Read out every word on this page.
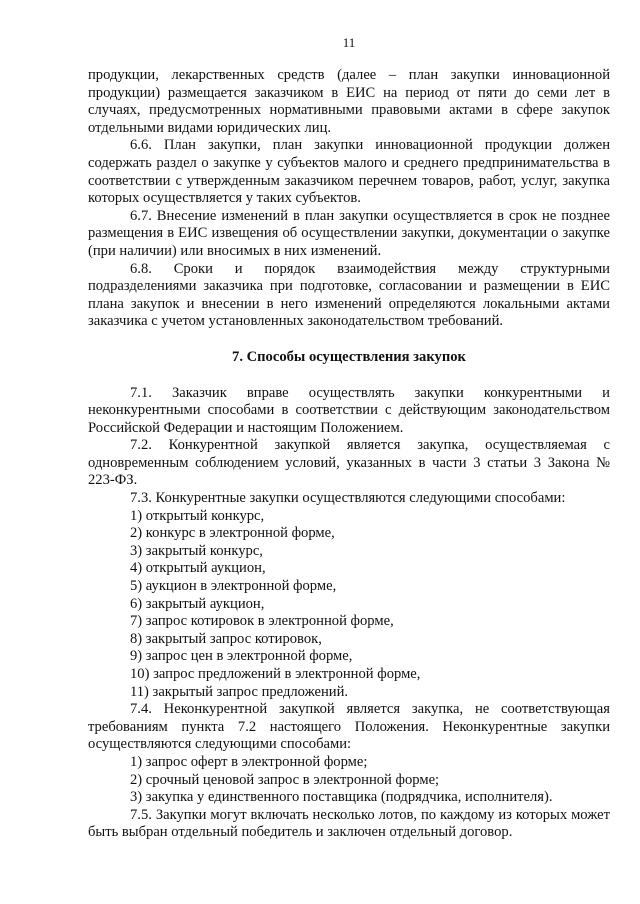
11

продукции, лекарственных средств (далее – план закупки инновационной продукции) размещается заказчиком в ЕИС на период от пяти до семи лет в случаях, предусмотренных нормативными правовыми актами в сфере закупок отдельными видами юридических лиц.

6.6. План закупки, план закупки инновационной продукции должен содержать раздел о закупке у субъектов малого и среднего предпринимательства в соответствии с утвержденным заказчиком перечнем товаров, работ, услуг, закупка которых осуществляется у таких субъектов.

6.7. Внесение изменений в план закупки осуществляется в срок не позднее размещения в ЕИС извещения об осуществлении закупки, документации о закупке (при наличии) или вносимых в них изменений.

6.8. Сроки и порядок взаимодействия между структурными подразделениями заказчика при подготовке, согласовании и размещении в ЕИС плана закупок и внесении в него изменений определяются локальными актами заказчика с учетом установленных законодательством требований.

7. Способы осуществления закупок

7.1. Заказчик вправе осуществлять закупки конкурентными и неконкурентными способами в соответствии с действующим законодательством Российской Федерации и настоящим Положением.

7.2. Конкурентной закупкой является закупка, осуществляемая с одновременным соблюдением условий, указанных в части 3 статьи 3 Закона № 223-ФЗ.

7.3. Конкурентные закупки осуществляются следующими способами:

1) открытый конкурс,

2) конкурс в электронной форме,

3) закрытый конкурс,

4) открытый аукцион,

5) аукцион в электронной форме,

6) закрытый аукцион,

7) запрос котировок в электронной форме,

8) закрытый запрос котировок,

9) запрос цен в электронной форме,

10) запрос предложений в электронной форме,

11) закрытый запрос предложений.

7.4. Неконкурентной закупкой является закупка, не соответствующая требованиям пункта 7.2 настоящего Положения. Неконкурентные закупки осуществляются следующими способами:

1) запрос оферт в электронной форме;

2) срочный ценовой запрос в электронной форме;

3) закупка у единственного поставщика (подрядчика, исполнителя).

7.5. Закупки могут включать несколько лотов, по каждому из которых может быть выбран отдельный победитель и заключен отдельный договор.
